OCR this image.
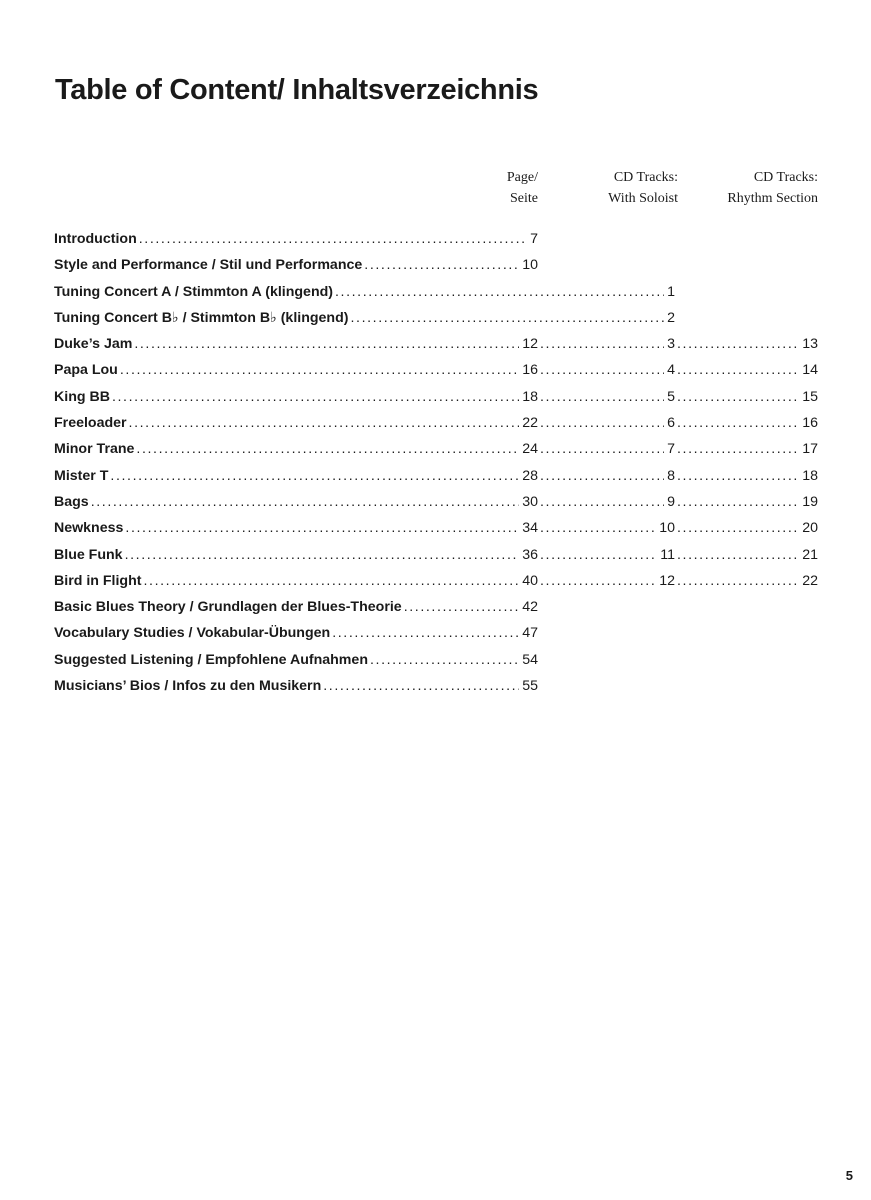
Table of Content/ Inhaltsverzeichnis
Page/
Seite
CD Tracks:
With Soloist
CD Tracks:
Rhythm Section
Introduction .....	7
Style and Performance / Stil und Performance .....	10
Tuning Concert A / Stimmton A (klingend) .....	1
Tuning Concert B♭ / Stimmton B♭ (klingend) .....	2
Duke’s Jam .....	12 .....	3 .....	13
Papa Lou .....	16 .....	4 .....	14
King BB .....	18 .....	5 .....	15
Freeloader .....	22 .....	6 .....	16
Minor Trane .....	24 .....	7 .....	17
Mister T .....	28 .....	8 .....	18
Bags .....	30 .....	9 .....	19
Newkness .....	34 .....	10 .....	20
Blue Funk .....	36 .....	11 .....	21
Bird in Flight .....	40 .....	12 .....	22
Basic Blues Theory / Grundlagen der Blues-Theorie .....	42
Vocabulary Studies / Vokabular-Übungen .....	47
Suggested Listening / Empfohlene Aufnahmen .....	54
Musicians’ Bios / Infos zu den Musikern .....	55
5
